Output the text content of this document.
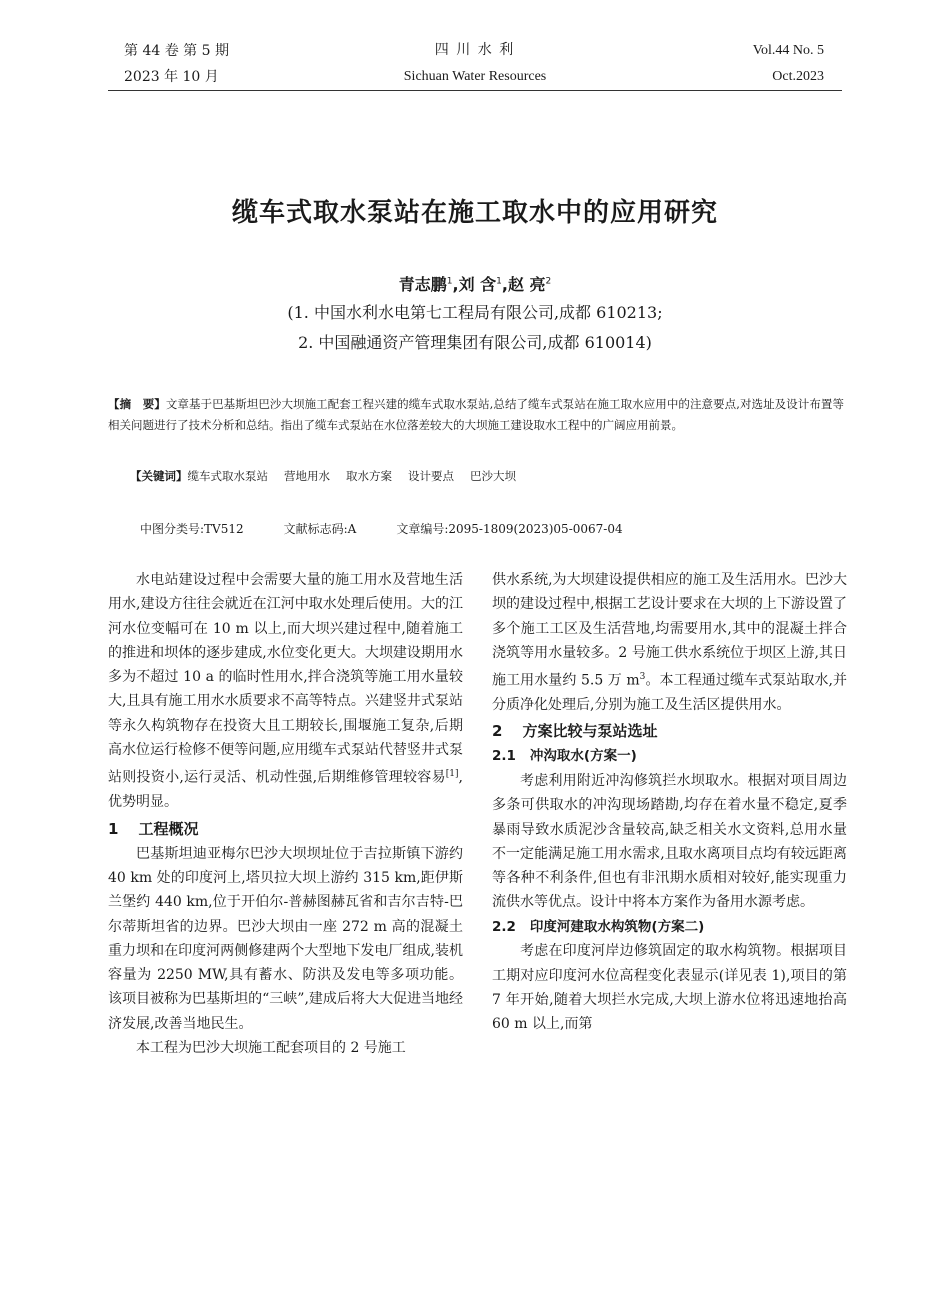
第 44 卷 第 5 期
2023 年 10 月
四 川 水 利
Sichuan Water Resources
Vol.44 No. 5
Oct.2023
缆车式取水泵站在施工取水中的应用研究
青志鹏$^1$,刘 含$^1$,赵 亮$^2$
(1. 中国水利水电第七工程局有限公司,成都 610213;
2. 中国融通资产管理集团有限公司,成都 610014)
【摘　要】文章基于巴基斯坦巴沙大坝施工配套工程兴建的缆车式取水泵站,总结了缆车式泵站在施工取水应用中的注意要点,对选址及设计布置等相关问题进行了技术分析和总结。指出了缆车式泵站在水位落差较大的大坝施工建设取水工程中的广阔应用前景。
【关键词】缆车式取水泵站 营地用水 取水方案 设计要点 巴沙大坝
中图分类号:TV512	文献标志码:A	文章编号:2095-1809(2023)05-0067-04

水电站建设过程中会需要大量的施工用水及营地生活用水,建设方往往会就近在江河中取水处理后使用。大的江河水位变幅可在 10 m 以上,而大坝兴建过程中,随着施工的推进和坝体的逐步建成,水位变化更大。大坝建设期用水多为不超过 10 a 的临时性用水,拌合浇筑等施工用水量较大,且具有施工用水水质要求不高等特点。兴建竖井式泵站等永久构筑物存在投资大且工期较长,围堰施工复杂,后期高水位运行检修不便等问题,应用缆车式泵站代替竖井式泵站则投资小,运行灵活、机动性强,后期维修管理较容易[1],优势明显。

1 工程概况

巴基斯坦迪亚梅尔巴沙大坝坝址位于吉拉斯镇下游约 40 km 处的印度河上,塔贝拉大坝上游约 315 km,距伊斯兰堡约 440 km,位于开伯尔-普赫图赫瓦省和吉尔吉特-巴尔蒂斯坦省的边界。巴沙大坝由一座 272 m 高的混凝土重力坝和在印度河两侧修建两个大型地下发电厂组成,装机容量为 2250 MW,具有蓄水、防洪及发电等多项功能。该项目被称为巴基斯坦的“三峡”,建成后将大大促进当地经济发展,改善当地民生。

本工程为巴沙大坝施工配套项目的 2 号施工

供水系统,为大坝建设提供相应的施工及生活用水。巴沙大坝的建设过程中,根据工艺设计要求在大坝的上下游设置了多个施工工区及生活营地,均需要用水,其中的混凝土拌合浇筑等用水量较多。2 号施工供水系统位于坝区上游,其日施工用水量约 5.5 万 $m^3$。本工程通过缆车式泵站取水,并分质净化处理后,分别为施工及生活区提供用水。

2 方案比较与泵站选址
2.1 冲沟取水(方案一)

考虑利用附近冲沟修筑拦水坝取水。根据对项目周边多条可供取水的冲沟现场踏勘,均存在着水量不稳定,夏季暴雨导致水质泥沙含量较高,缺乏相关水文资料,总用水量不一定能满足施工用水需求,且取水离项目点均有较远距离等各种不利条件,但也有非汛期水质相对较好,能实现重力流供水等优点。设计中将本方案作为备用水源考虑。

2.2 印度河建取水构筑物(方案二)

考虑在印度河岸边修筑固定的取水构筑物。根据项目工期对应印度河水位高程变化表显示(详见表 1),项目的第 7 年开始,随着大坝拦水完成,大坝上游水位将迅速地抬高 60 m 以上,而第
